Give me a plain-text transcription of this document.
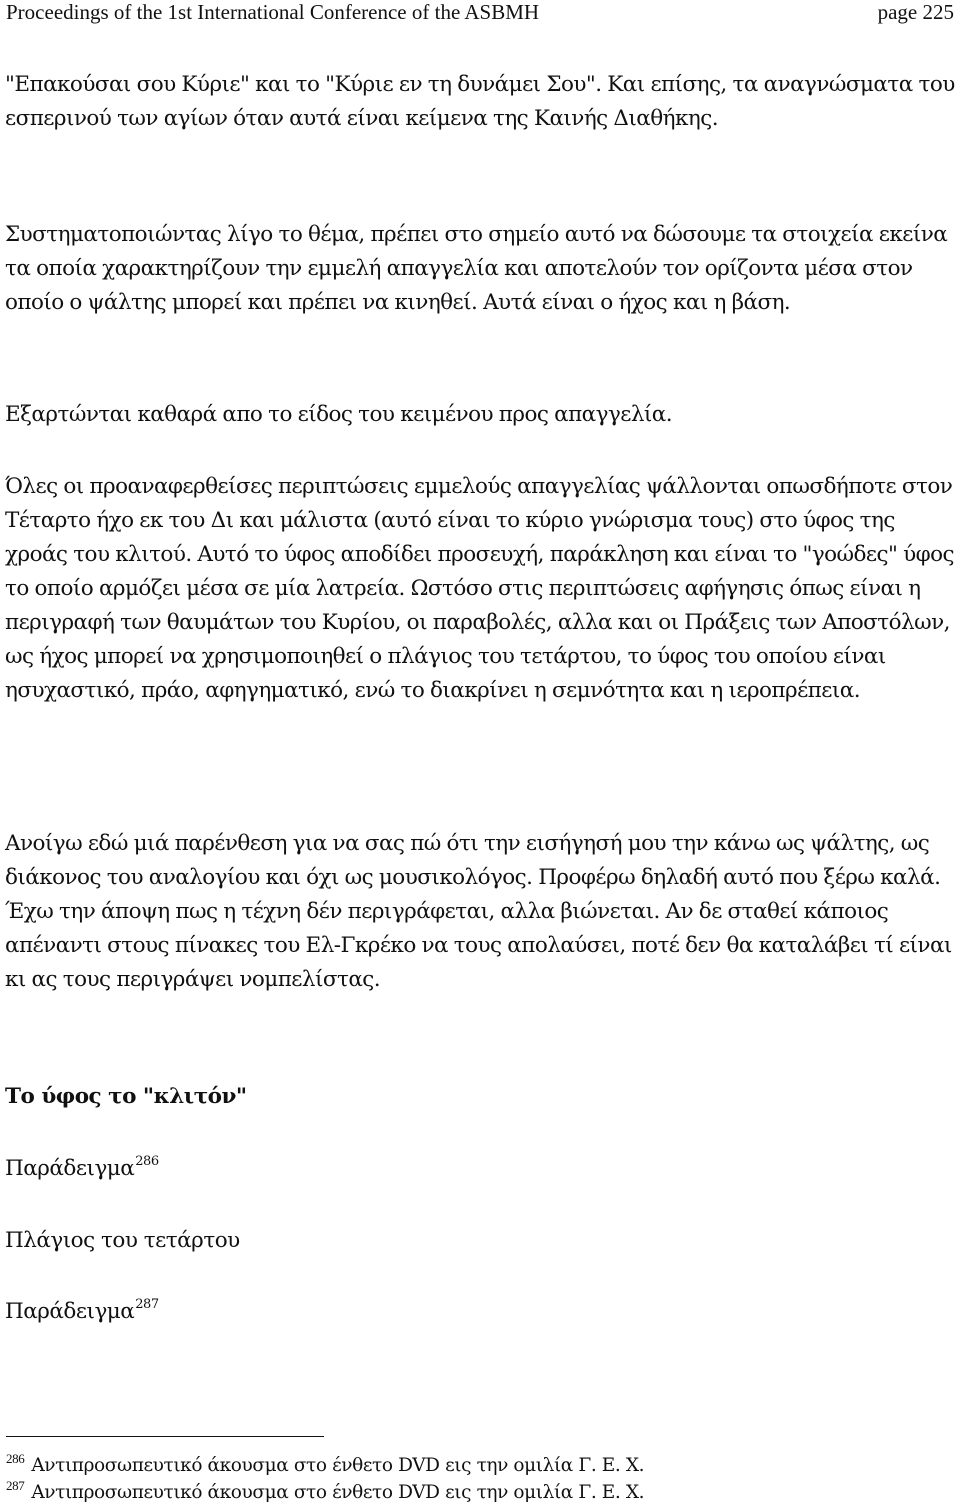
Proceedings of the 1st International Conference of the ASBMH	page 225

"Επακούσαι σου Κύριε" και το "Κύριε εν τη δυνάμει Σου". Και επίσης, τα αναγνώσματα του εσπερινού των αγίων όταν αυτά είναι κείμενα της Καινής Διαθήκης.

Συστηματοποιώντας λίγο το θέμα, πρέπει στο σημείο αυτό να δώσουμε τα στοιχεία εκείνα τα οποία χαρακτηρίζουν την εμμελή απαγγελία και αποτελούν τον ορίζοντα μέσα στον οποίο ο ψάλτης μπορεί και πρέπει να κινηθεί. Αυτά είναι ο ήχος και η βάση.

Εξαρτώνται καθαρά απο το είδος του κειμένου προς απαγγελία.

Όλες οι προαναφερθείσες περιπτώσεις εμμελούς απαγγελίας ψάλλονται οπωσδήποτε στον Τέταρτο ήχο εκ του Δι και μάλιστα (αυτό είναι το κύριο γνώρισμα τους) στο ύφος της χροάς του κλιτού. Αυτό το ύφος αποδίδει προσευχή, παράκληση και είναι το "γοώδες" ύφος το οποίο αρμόζει μέσα σε μία λατρεία. Ωστόσο στις περιπτώσεις αφήγησις όπως είναι η περιγραφή των θαυμάτων του Κυρίου, οι παραβολές, αλλα και οι Πράξεις των Αποστόλων, ως ήχος μπορεί να χρησιμοποιηθεί ο πλάγιος του τετάρτου, το ύφος του οποίου είναι ησυχαστικό, πράο, αφηγηματικό, ενώ το διακρίνει η σεμνότητα και η ιεροπρέπεια.

Ανοίγω εδώ μιά παρένθεση για να σας πώ ότι την εισήγησή μου την κάνω ως ψάλτης, ως διάκονος του αναλογίου και όχι ως μουσικολόγος. Προφέρω δηλαδή αυτό που ξέρω καλά. Έχω την άποψη πως η τέχνη δέν περιγράφεται, αλλα βιώνεται. Αν δε σταθεί κάποιος απέναντι στους πίνακες του Ελ-Γκρέκο να τους απολαύσει, ποτέ δεν θα καταλάβει τί είναι κι ας τους περιγράψει νομπελίστας.

Το ύφος το "κλιτόν"

Παράδειγμα$^{286}$

Πλάγιος του τετάρτου

Παράδειγμα$^{287}$

$^{286}$ Αντιπροσωπευτικό άκουσμα στο ένθετο DVD εις την ομιλία Γ. Ε. Χ.

$^{287}$ Αντιπροσωπευτικό άκουσμα στο ένθετο DVD εις την ομιλία Γ. Ε. Χ.
